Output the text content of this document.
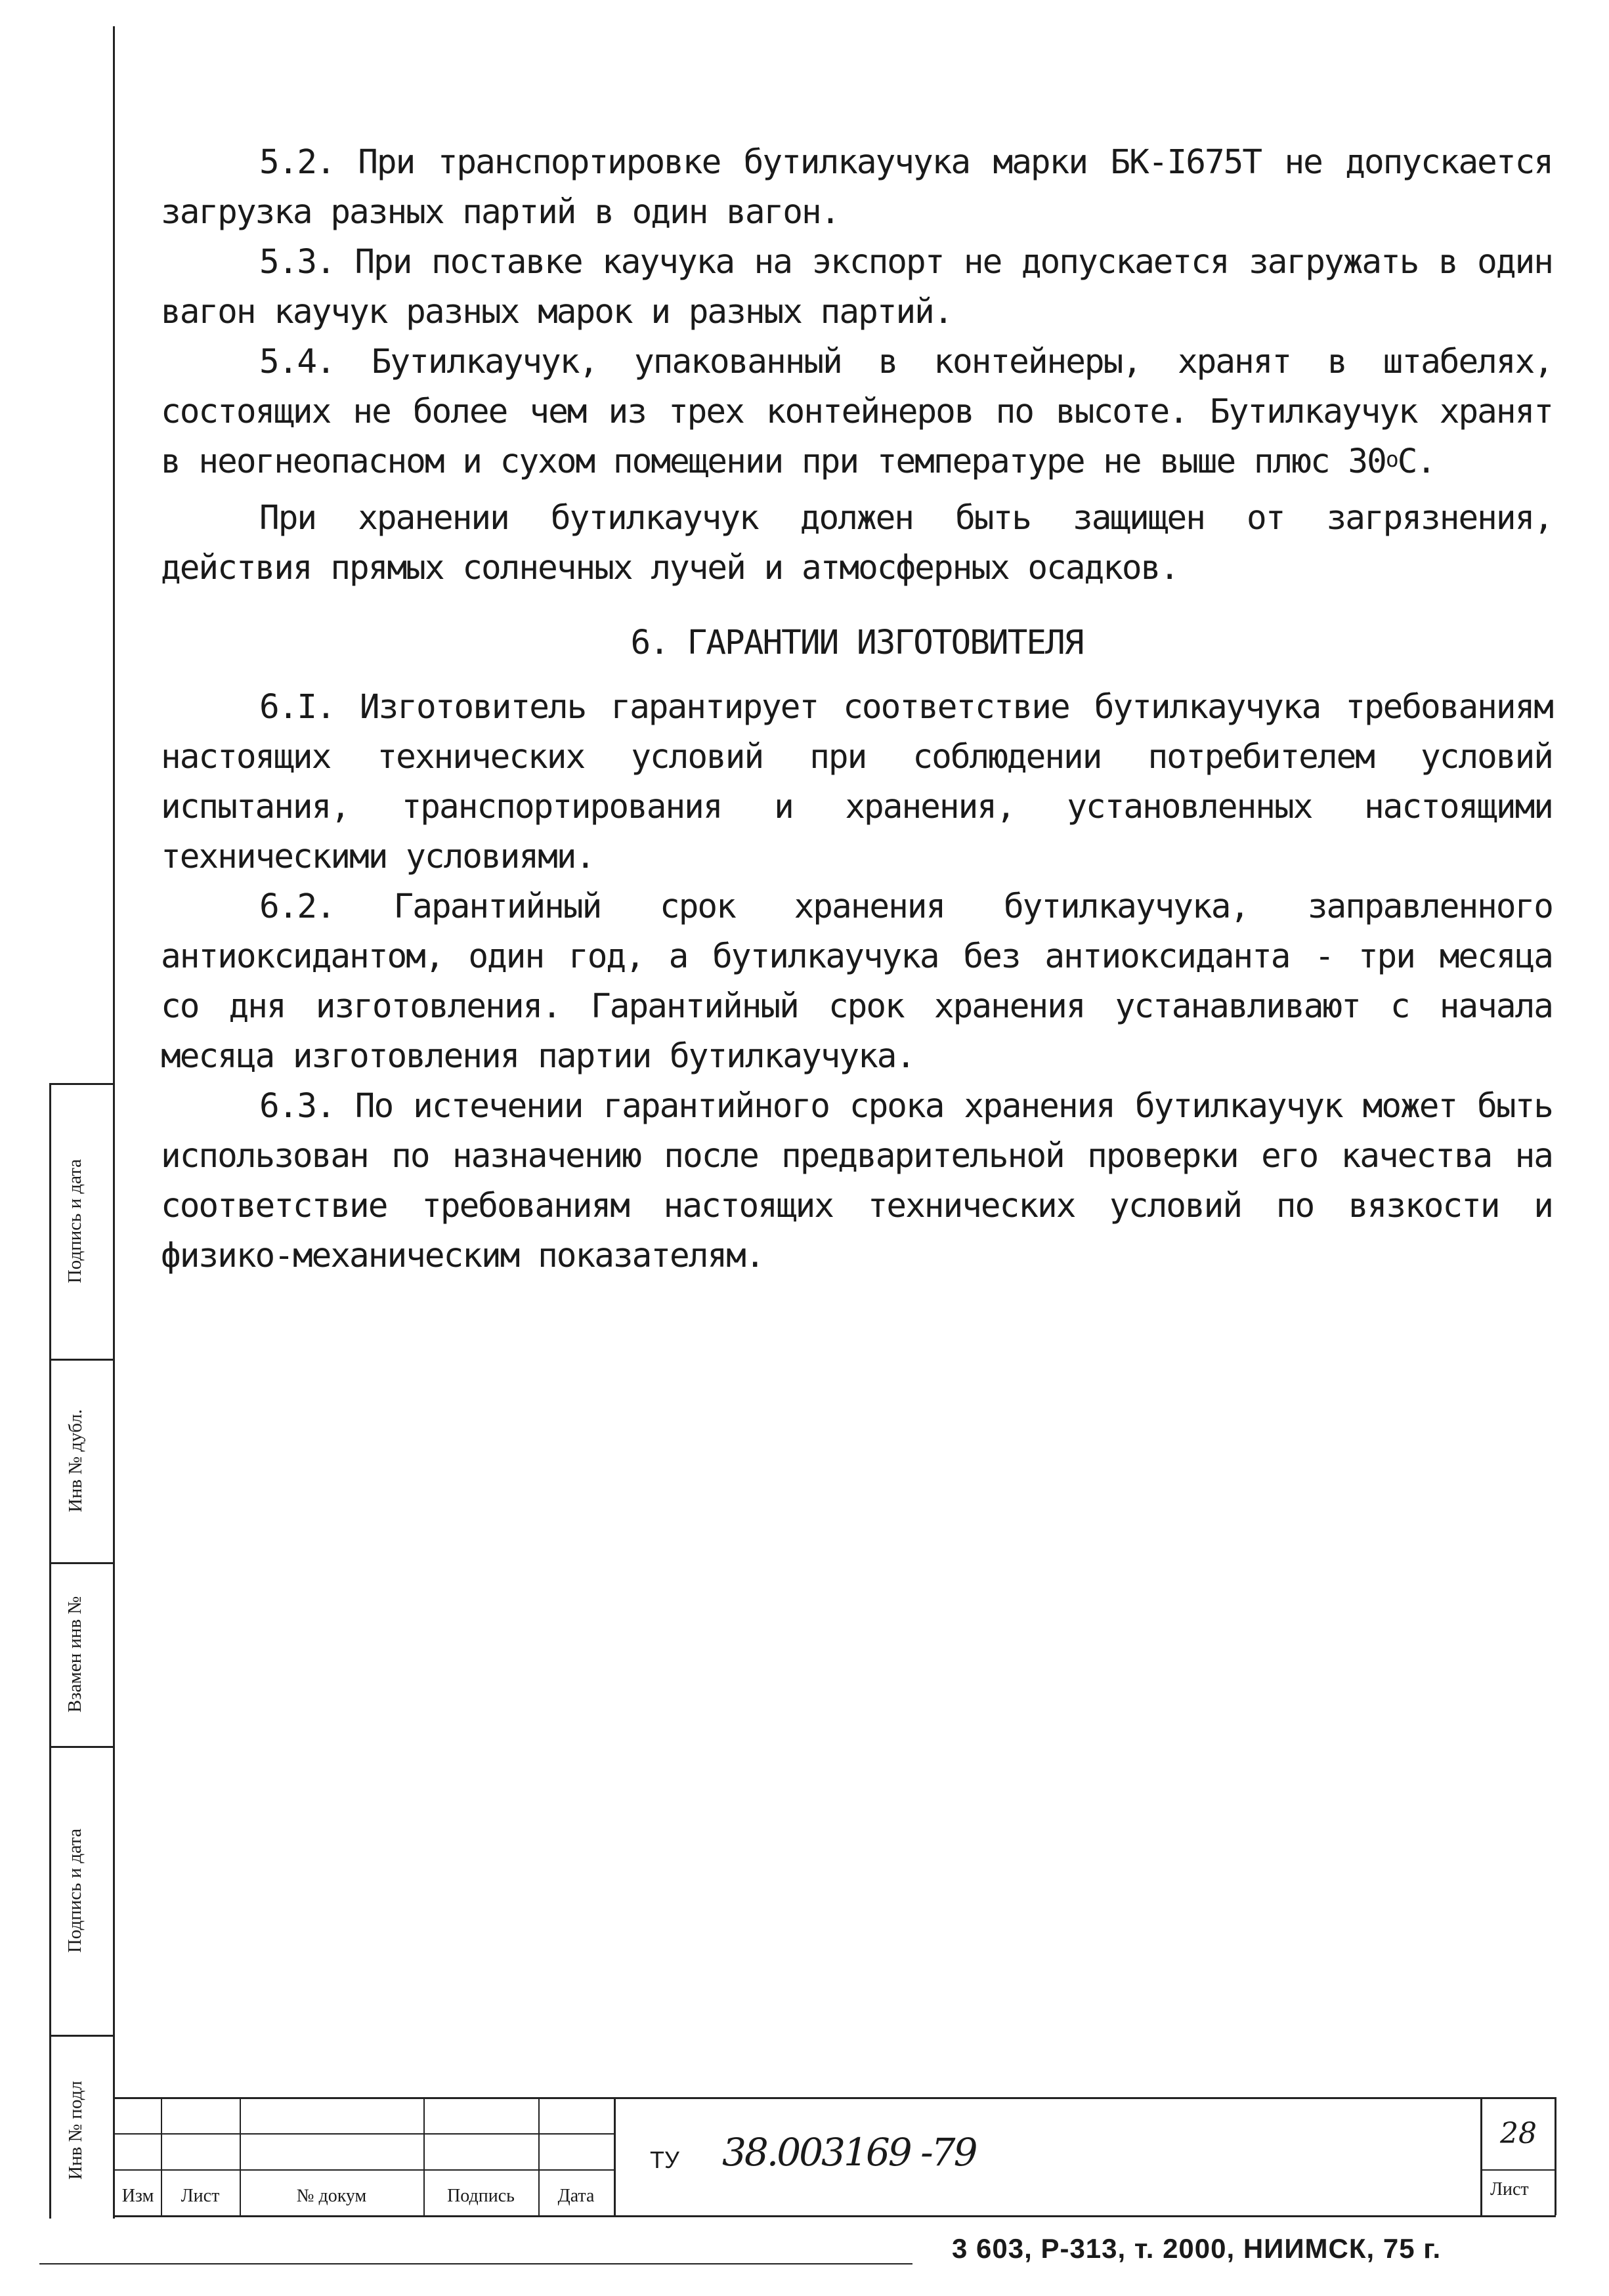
Подпись и дата
Инв № дубл.
Взамен инв №
Подпись и дата
Инв № подл

5.2. При транспортировке бутилкаучука марки БК-I675Т не допускается загрузка разных партий в один вагон.

5.3. При поставке каучука на экспорт не допускается загружать в один вагон каучук разных марок и разных партий.

5.4. Бутилкаучук, упакованный в контейнеры, хранят в штабелях, состоящих не более чем из трех контейнеров по высоте. Бутилкаучук хранят в неогнеопасном и сухом помещении при температуре не выше плюс $30^оС$.

При хранении бутилкаучук должен быть защищен от загрязнения, действия прямых солнечных лучей и атмосферных осадков.

6. ГАРАНТИИ ИЗГОТОВИТЕЛЯ

6.I. Изготовитель гарантирует соответствие бутилкаучука требованиям настоящих технических условий при соблюдении потребителем условий испытания, транспортирования и хранения, установленных настоящими техническими условиями.

6.2. Гарантийный срок хранения бутилкаучука, заправленного антиоксидантом, один год, а бутилкаучука без антиоксиданта - три месяца со дня изготовления. Гарантийный срок хранения устанавливают с начала месяца изготовления партии бутилкаучука.

6.3. По истечении гарантийного срока хранения бутилкаучук может быть использован по назначению после предварительной проверки его качества на соответствие требованиям настоящих технических условий по вязкости и физико-механическим показателям.

Изм	Лист	№ докум	Подпись	Дата
ТУ 38.003169 -79	28
Лист
3 603, Р-313, т. 2000, НИИМСК, 75 г.
